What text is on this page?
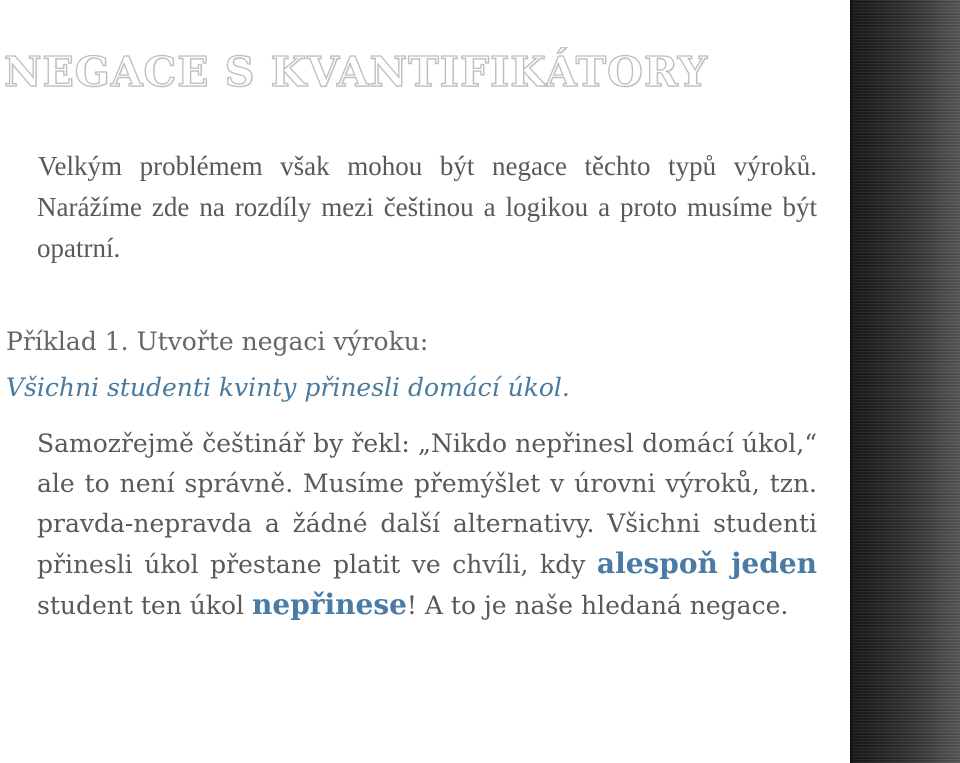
NEGACE S KVANTIFIKÁTORY
Velkým problémem však mohou být negace těchto typů výroků. Narážíme zde na rozdíly mezi češtinou a logikou a proto musíme být opatrní.
Příklad 1. Utvořte negaci výroku:
Všichni studenti kvinty přinesli domácí úkol.
Samozřejmě češtinář by řekl: „Nikdo nepřinesl domácí úkol,“ ale to není správně. Musíme přemýšlet v úrovni výroků, tzn. pravda-nepravda a žádné další alternativy. Všichni studenti přinesli úkol přestane platit ve chvíli, kdy alespoň jeden student ten úkol nepřinese! A to je naše hledaná negace.
